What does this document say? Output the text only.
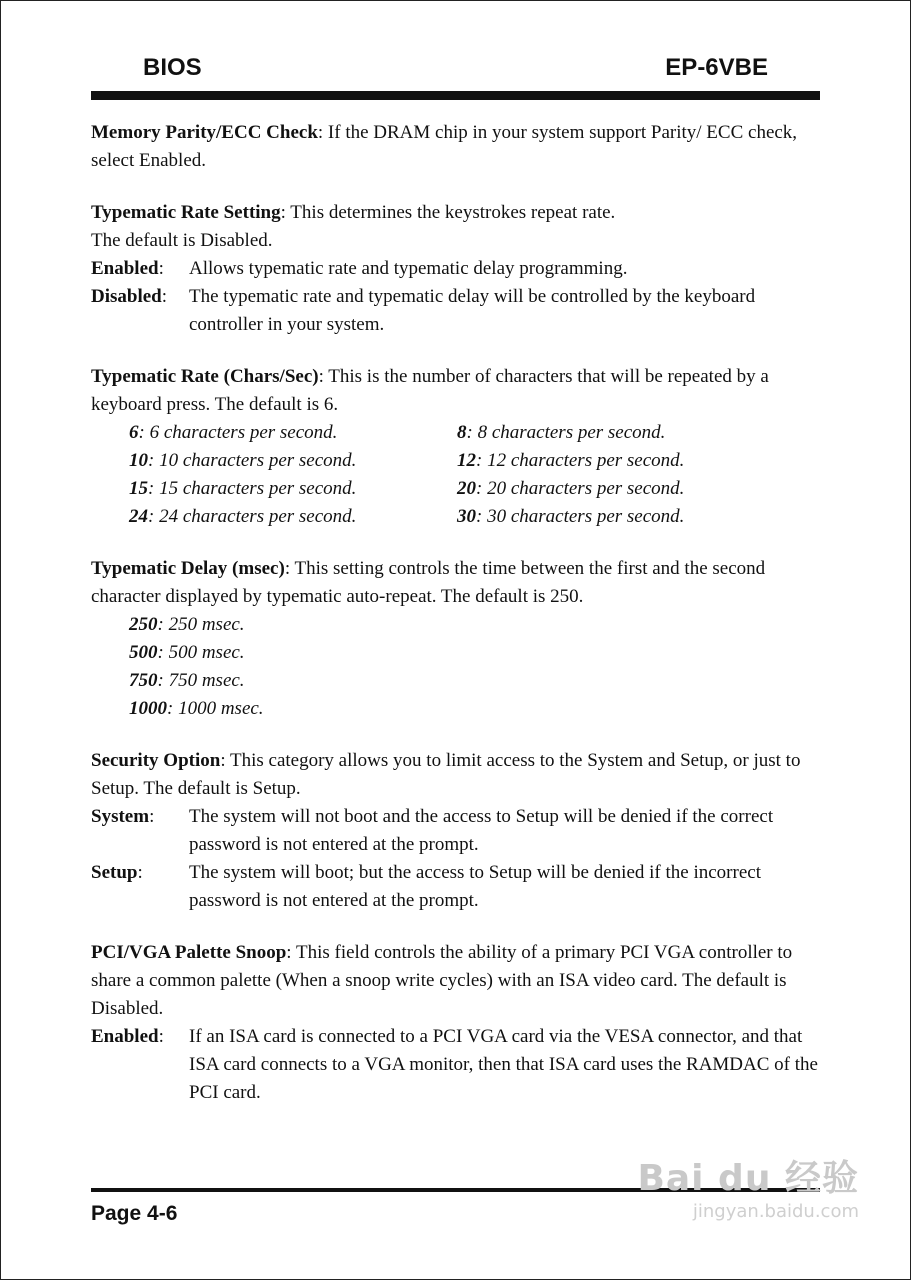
BIOS	EP-6VBE

Memory Parity/ECC Check: If the DRAM chip in your system support Parity/ ECC check, select Enabled.

Typematic Rate Setting: This determines the keystrokes repeat rate.

The default is Disabled.

Enabled:	Allows typematic rate and typematic delay programming.
Disabled:	The typematic rate and typematic delay will be controlled by the keyboard controller in your system.

Typematic Rate (Chars/Sec): This is the number of characters that will be repeated by a keyboard press. The default is 6.

6: 6 characters per second.	8: 8 characters per second.
10: 10 characters per second.	12: 12 characters per second.
15: 15 characters per second.	20: 20 characters per second.
24: 24 characters per second.	30: 30 characters per second.

Typematic Delay (msec): This setting controls the time between the first and the second character displayed by typematic auto-repeat. The default is 250.

250: 250 msec.

500: 500 msec.

750: 750 msec.

1000: 1000 msec.

Security Option: This category allows you to limit access to the System and Setup, or just to Setup. The default is Setup.

System:	The system will not boot and the access to Setup will be denied if the correct password is not entered at the prompt.
Setup:	The system will boot; but the access to Setup will be denied if the incorrect password is not entered at the prompt.

PCI/VGA Palette Snoop: This field controls the ability of a primary PCI VGA controller to share a common palette (When a snoop write cycles) with an ISA video card. The default is Disabled.

Enabled:	If an ISA card is connected to a PCI VGA card via the VESA connector, and that ISA card connects to a VGA monitor, then that ISA card uses the RAMDAC of the PCI card.
Page 4-6
Bai du 经验
jingyan.baidu.com
